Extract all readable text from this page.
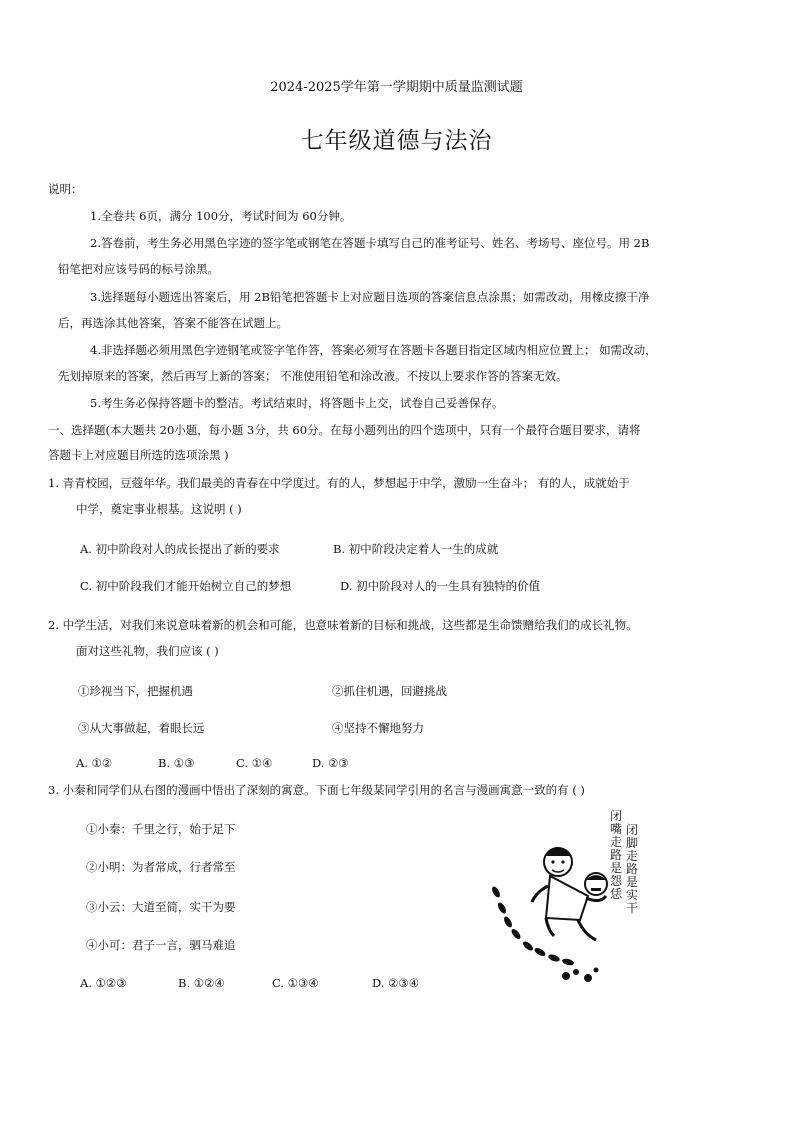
2024-2025学年第一学期期中质量监测试题
七年级道德与法治
说明：
1.全卷共 6页，满分 100分，考试时间为 60分钟。
2.答卷前，考生务必用黑色字迹的签字笔或钢笔在答题卡填写自己的准考证号、姓名、考场号、座位号。用 2B
铅笔把对应该号码的标号涂黑。
3.选择题每小题选出答案后，用 2B铅笔把答题卡上对应题目选项的答案信息点涂黑；如需改动，用橡皮擦干净
后，再选涂其他答案，答案不能答在试题上。
4.非选择题必须用黑色字迹钢笔或签字笔作答，答案必须写在答题卡各题目指定区域内相应位置上； 如需改动，
先划掉原来的答案，然后再写上新的答案； 不准使用铅笔和涂改液。不按以上要求作答的答案无效。
5.考生务必保持答题卡的整洁。考试结束时，将答题卡上交，试卷自己妥善保存。
一、选择题(本大题共 20小题，每小题 3分，共 60分。在每小题列出的四个选项中，只有一个最符合题目要求，请将
答题卡上对应题目所选的选项涂黑 )
1. 青青校园，豆蔻年华。我们最美的青春在中学度过。有的人，梦想起于中学，激励一生奋斗； 有的人，成就始于
中学，奠定事业根基。这说明 ( )
A. 初中阶段对人的成长提出了新的要求	B. 初中阶段决定着人一生的成就
C. 初中阶段我们才能开始树立自己的梦想	D. 初中阶段对人的一生具有独特的价值
2. 中学生活，对我们来说意味着新的机会和可能，也意味着新的目标和挑战，这些都是生命馈赠给我们的成长礼物。
面对这些礼物，我们应该 ( )
①珍视当下，把握机遇	②抓住机遇，回避挑战
③从大事做起，着眼长远	④坚持不懈地努力
A. ①②	B. ①③	C. ①④	D. ②③
3. 小秦和同学们从右图的漫画中悟出了深刻的寓意。下面七年级某同学引用的名言与漫画寓意一致的有 ( )
①小秦：千里之行，始于足下
②小明：为者常成，行者常至
③小云：大道至简，实干为要
④小可：君子一言，驷马难追
A. ①②③	B. ①②④	C. ①③④	D. ②③④
闭 嘴 走 路 是 怨 恁
闭 脚 走 路 是 实 干
